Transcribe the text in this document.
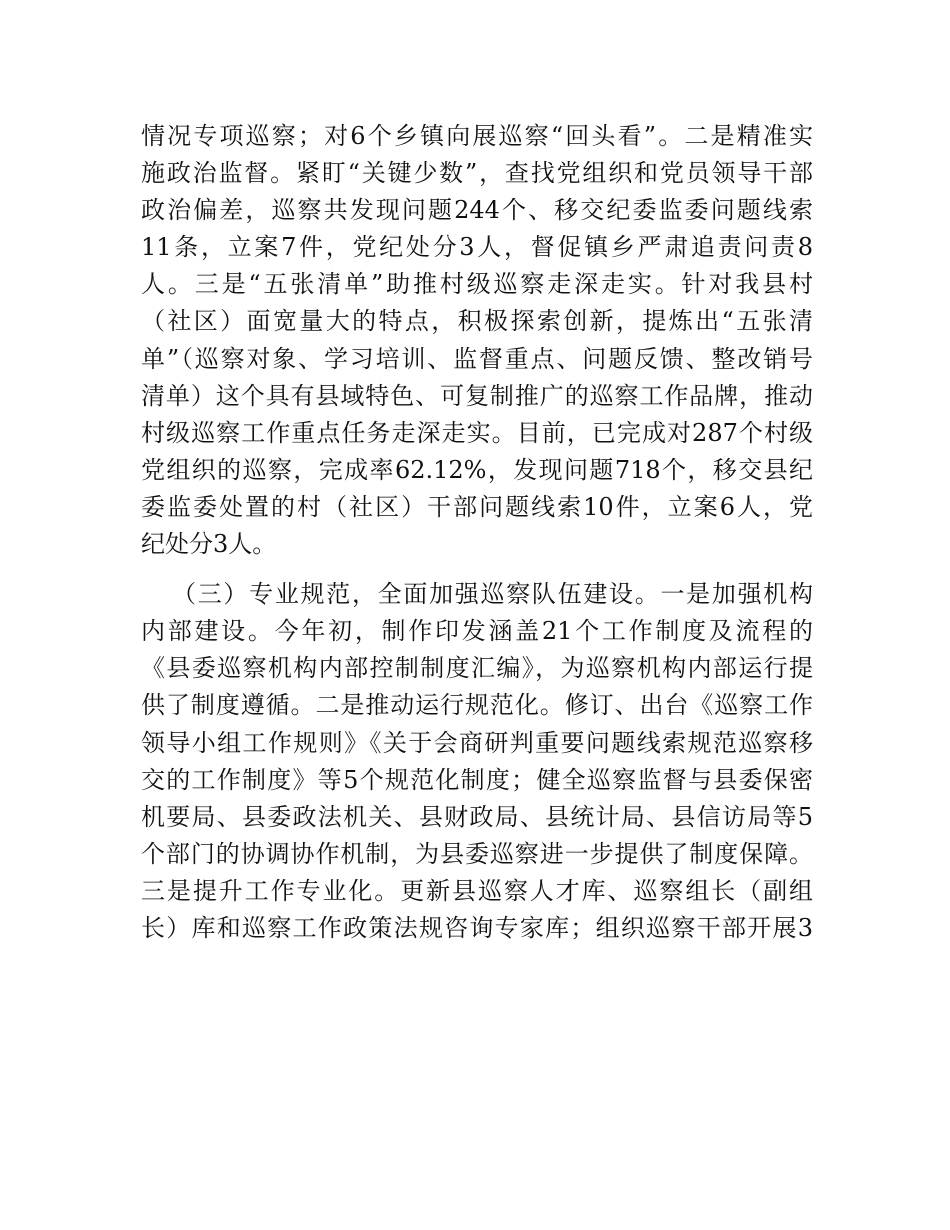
情况专项巡察；对6个乡镇向展巡察“回头看”。二是精准实
施政治监督。紧盯“关键少数”，查找党组织和党员领导干部
政治偏差，巡察共发现问题244个、移交纪委监委问题线索
11条，立案7件，党纪处分3人，督促镇乡严肃追责问责8
人。三是“五张清单”助推村级巡察走深走实。针对我县村
（社区）面宽量大的特点，积极探索创新，提炼出“五张清
单”（巡察对象、学习培训、监督重点、问题反馈、整改销号
清单）这个具有县域特色、可复制推广的巡察工作品牌，推动
村级巡察工作重点任务走深走实。目前，已完成对287个村级
党组织的巡察，完成率62.12%，发现问题718个，移交县纪
委监委处置的村（社区）干部问题线索10件，立案6人，党
纪处分3人。
（三）专业规范，全面加强巡察队伍建设。一是加强机构
内部建设。今年初，制作印发涵盖21个工作制度及流程的
《县委巡察机构内部控制制度汇编》，为巡察机构内部运行提
供了制度遵循。二是推动运行规范化。修订、出台《巡察工作
领导小组工作规则》《关于会商研判重要问题线索规范巡察移
交的工作制度》等5个规范化制度；健全巡察监督与县委保密
机要局、县委政法机关、县财政局、县统计局、县信访局等5
个部门的协调协作机制，为县委巡察进一步提供了制度保障。
三是提升工作专业化。更新县巡察人才库、巡察组长（副组
长）库和巡察工作政策法规咨询专家库；组织巡察干部开展3
